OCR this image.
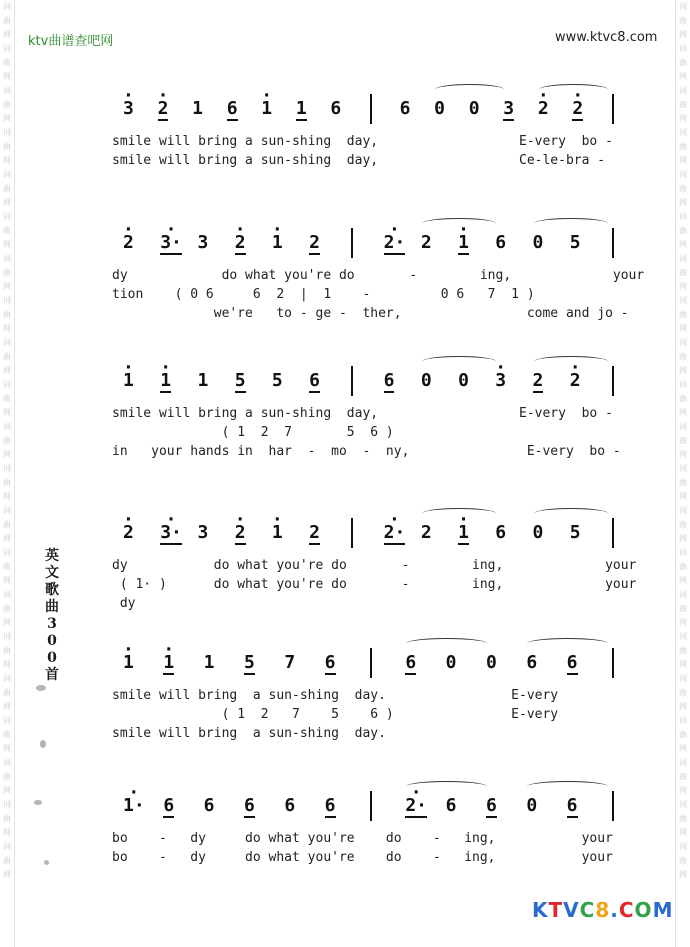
词
曲
网
词
曲
网
词
曲
网
词
曲
网
词
曲
网
词
曲
网
词
曲
网
词
曲
网
词
曲
网
词
曲
网
词
曲
网
词
曲
网
词
曲
网
词
曲
网
词
曲
网
词
曲
网
词
曲
网
词
曲
网
词
曲
网
词
曲
网
词
曲
网
词
曲
网
词
曲
网
词
曲
网
词
曲
网
词
曲
网
词
曲
网
词
曲
网
词
曲
网
词
曲
网
词
曲
网
词
曲
网
词
曲
网
词
曲
网
词
曲
网
词
曲
网
词
曲
网
词
曲
网
词
曲
网
词
曲
网
词
曲
网
词
曲
网
ktv曲谱查吧网	www.ktvc8.com
英
文
歌
曲
3
0
0
首
· 3 · 2 1 6 · 1 1 6	6 0 0 3 · 2 · 2
smile will bring a sun-shing  day,                  E-very  bo -
smile will bring a sun-shing  day,                  Ce-le-bra -
· 2 · 3· 3 · 2 · 1 2	· 2· 2 · 1 6 0 5
dy            do what you're do       -        ing,             your
tion    ( 0 6     6  2  |  1    -         0 6   7  1 )
we're   to - ge -  ther,                come and jo -
· 1 · 1 1 5 5 6	6 0 0 · 3 2 · 2
smile will bring a sun-shing  day,                  E-very  bo -
( 1  2  7       5  6 )
in   your hands in  har  -  mo  -  ny,               E-very  bo -
· 2 · 3· 3 · 2 · 1 2	· 2· 2 · 1 6 0 5
dy           do what you're do       -        ing,             your
( 1· )      do what you're do       -        ing,             your
dy
· 1 · 1 1 5 7 6	6 0 0 6 6
smile will bring  a sun-shing  day.                E-very
( 1  2   7    5    6 )               E-very
smile will bring  a sun-shing  day.
· 1· 6 6 6 6 6	· 2· 6 6 0 6
bo    -   dy     do what you're    do    -   ing,           your
bo    -   dy     do what you're    do    -   ing,           your
KTVC8.COM
